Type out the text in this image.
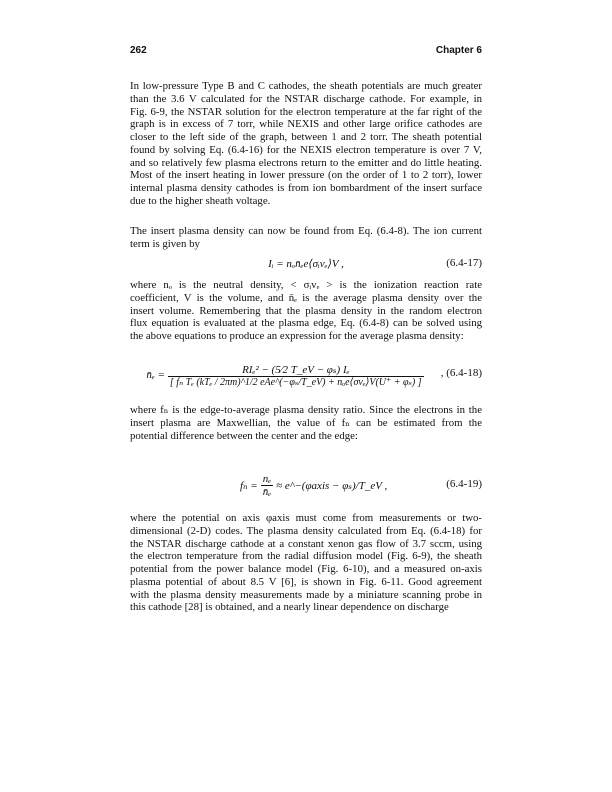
262	Chapter 6
In low-pressure Type B and C cathodes, the sheath potentials are much greater
than the 3.6 V calculated for the NSTAR discharge cathode. For example, in
Fig. 6-9, the NSTAR solution for the electron temperature at the far right of the
graph is in excess of 7 torr, while NEXIS and other large orifice cathodes are
closer to the left side of the graph, between 1 and 2 torr. The sheath potential
found by solving Eq. (6.4-16) for the NEXIS electron temperature is over 7 V,
and so relatively few plasma electrons return to the emitter and do little heating.
Most of the insert heating in lower pressure (on the order of 1 to 2 torr), lower
internal plasma density cathodes is from ion bombardment of the insert surface
due to the higher sheath voltage.
The insert plasma density can now be found from Eq. (6.4-8). The ion current
term is given by
Iᵢ = nₒn̄ₑe⟨σᵢvₑ⟩V ,	(6.4-17)
where nₒ is the neutral density, < σᵢvₑ > is the ionization reaction rate
coefficient, V is the volume, and n̄ₑ is the average plasma density over the
insert volume. Remembering that the plasma density in the random electron
flux equation is evaluated at the plasma edge, Eq. (6.4-8) can be solved using
the above equations to produce an expression for the average plasma density:
n̄ₑ =	RIₑ² − (5⁄2 T_eV − φₛ) Iₑ
[ fₙ Tₑ (kTₑ / 2πm)^1/2 eAe^(−φₛ/T_eV) + nₒe⟨σvₑ⟩V(U⁺ + φₛ) ]
, (6.4-18)
where fₙ is the edge-to-average plasma density ratio. Since the electrons in the
insert plasma are Maxwellian, the value of fₙ can be estimated from the
potential difference between the center and the edge:
$f_n = \frac{\text{nₑ}}{\text{n̄ₑ}}$ ≈ e^−(φaxis − φₛ)/T_eV ,	(6.4-19)
where the potential on axis φaxis must come from measurements or two-
dimensional (2-D) codes. The plasma density calculated from Eq. (6.4-18) for
the NSTAR discharge cathode at a constant xenon gas flow of 3.7 sccm, using
the electron temperature from the radial diffusion model (Fig. 6-9), the sheath
potential from the power balance model (Fig. 6-10), and a measured on-axis
plasma potential of about 8.5 V [6], is shown in Fig. 6-11. Good agreement
with the plasma density measurements made by a miniature scanning probe in
this cathode [28] is obtained, and a nearly linear dependence on discharge
